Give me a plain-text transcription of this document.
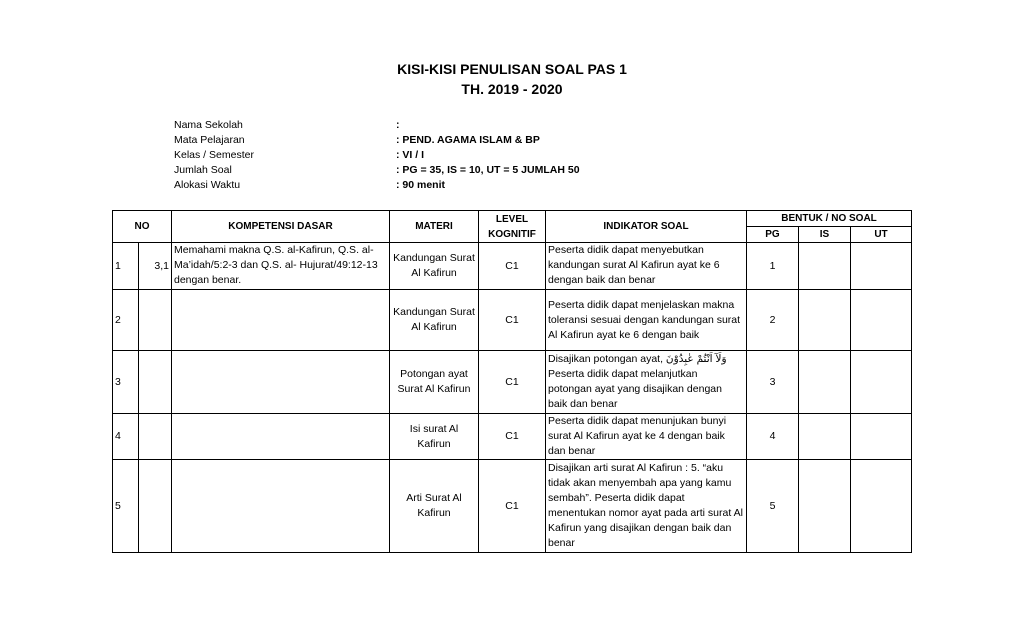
KISI-KISI PENULISAN SOAL PAS 1
TH. 2019 - 2020
Nama Sekolah	:
Mata Pelajaran	: PEND. AGAMA ISLAM & BP
Kelas / Semester	: VI / I
Jumlah Soal	: PG = 35, IS = 10, UT = 5 JUMLAH 50
Alokasi Waktu	: 90 menit
NO		KOMPETENSI DASAR	MATERI	LEVEL KOGNITIF	INDIKATOR SOAL	BENTUK / NO SOAL		
						PG	IS	UT
1	3,1	Memahami makna Q.S. al-Kafirun, Q.S. al-Ma’idah/5:2-3 dan Q.S. al- Hujurat/49:12-13 dengan benar.	Kandungan Surat Al Kafirun	C1	Peserta didik dapat menyebutkan kandungan surat Al Kafirun ayat ke 6 dengan baik dan benar	1		
2			Kandungan Surat Al Kafirun	C1	Peserta didik dapat menjelaskan makna toleransi sesuai dengan kandungan surat Al Kafirun ayat ke 6 dengan baik	2		
3			Potongan ayat Surat Al Kafirun	C1	Disajikan potongan ayat, وَلَآ اَنْتُمْ عٰبِدُوْنَ Peserta didik dapat melanjutkan potongan ayat yang disajikan dengan baik dan benar	3		
4			Isi surat Al Kafirun	C1	Peserta didik dapat menunjukan bunyi surat Al Kafirun ayat ke 4 dengan baik dan benar	4		
5			Arti Surat Al Kafirun	C1	Disajikan arti surat Al Kafirun : 5. “aku tidak akan menyembah apa yang kamu sembah”. Peserta didik dapat menentukan nomor ayat pada arti surat Al Kafirun yang disajikan dengan baik dan benar	5		
